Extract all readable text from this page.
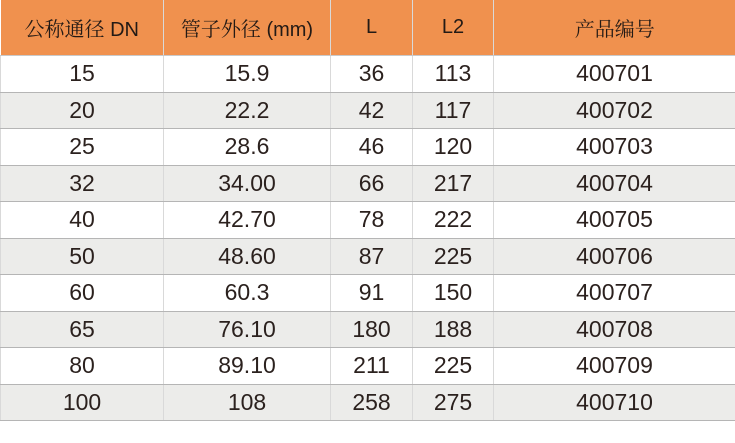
公称通径 DN	管子外径 (mm)	L	L2	产品编号
15	15.9	36	113	400701
20	22.2	42	117	400702
25	28.6	46	120	400703
32	34.00	66	217	400704
40	42.70	78	222	400705
50	48.60	87	225	400706
60	60.3	91	150	400707
65	76.10	180	188	400708
80	89.10	211	225	400709
100	108	258	275	400710
